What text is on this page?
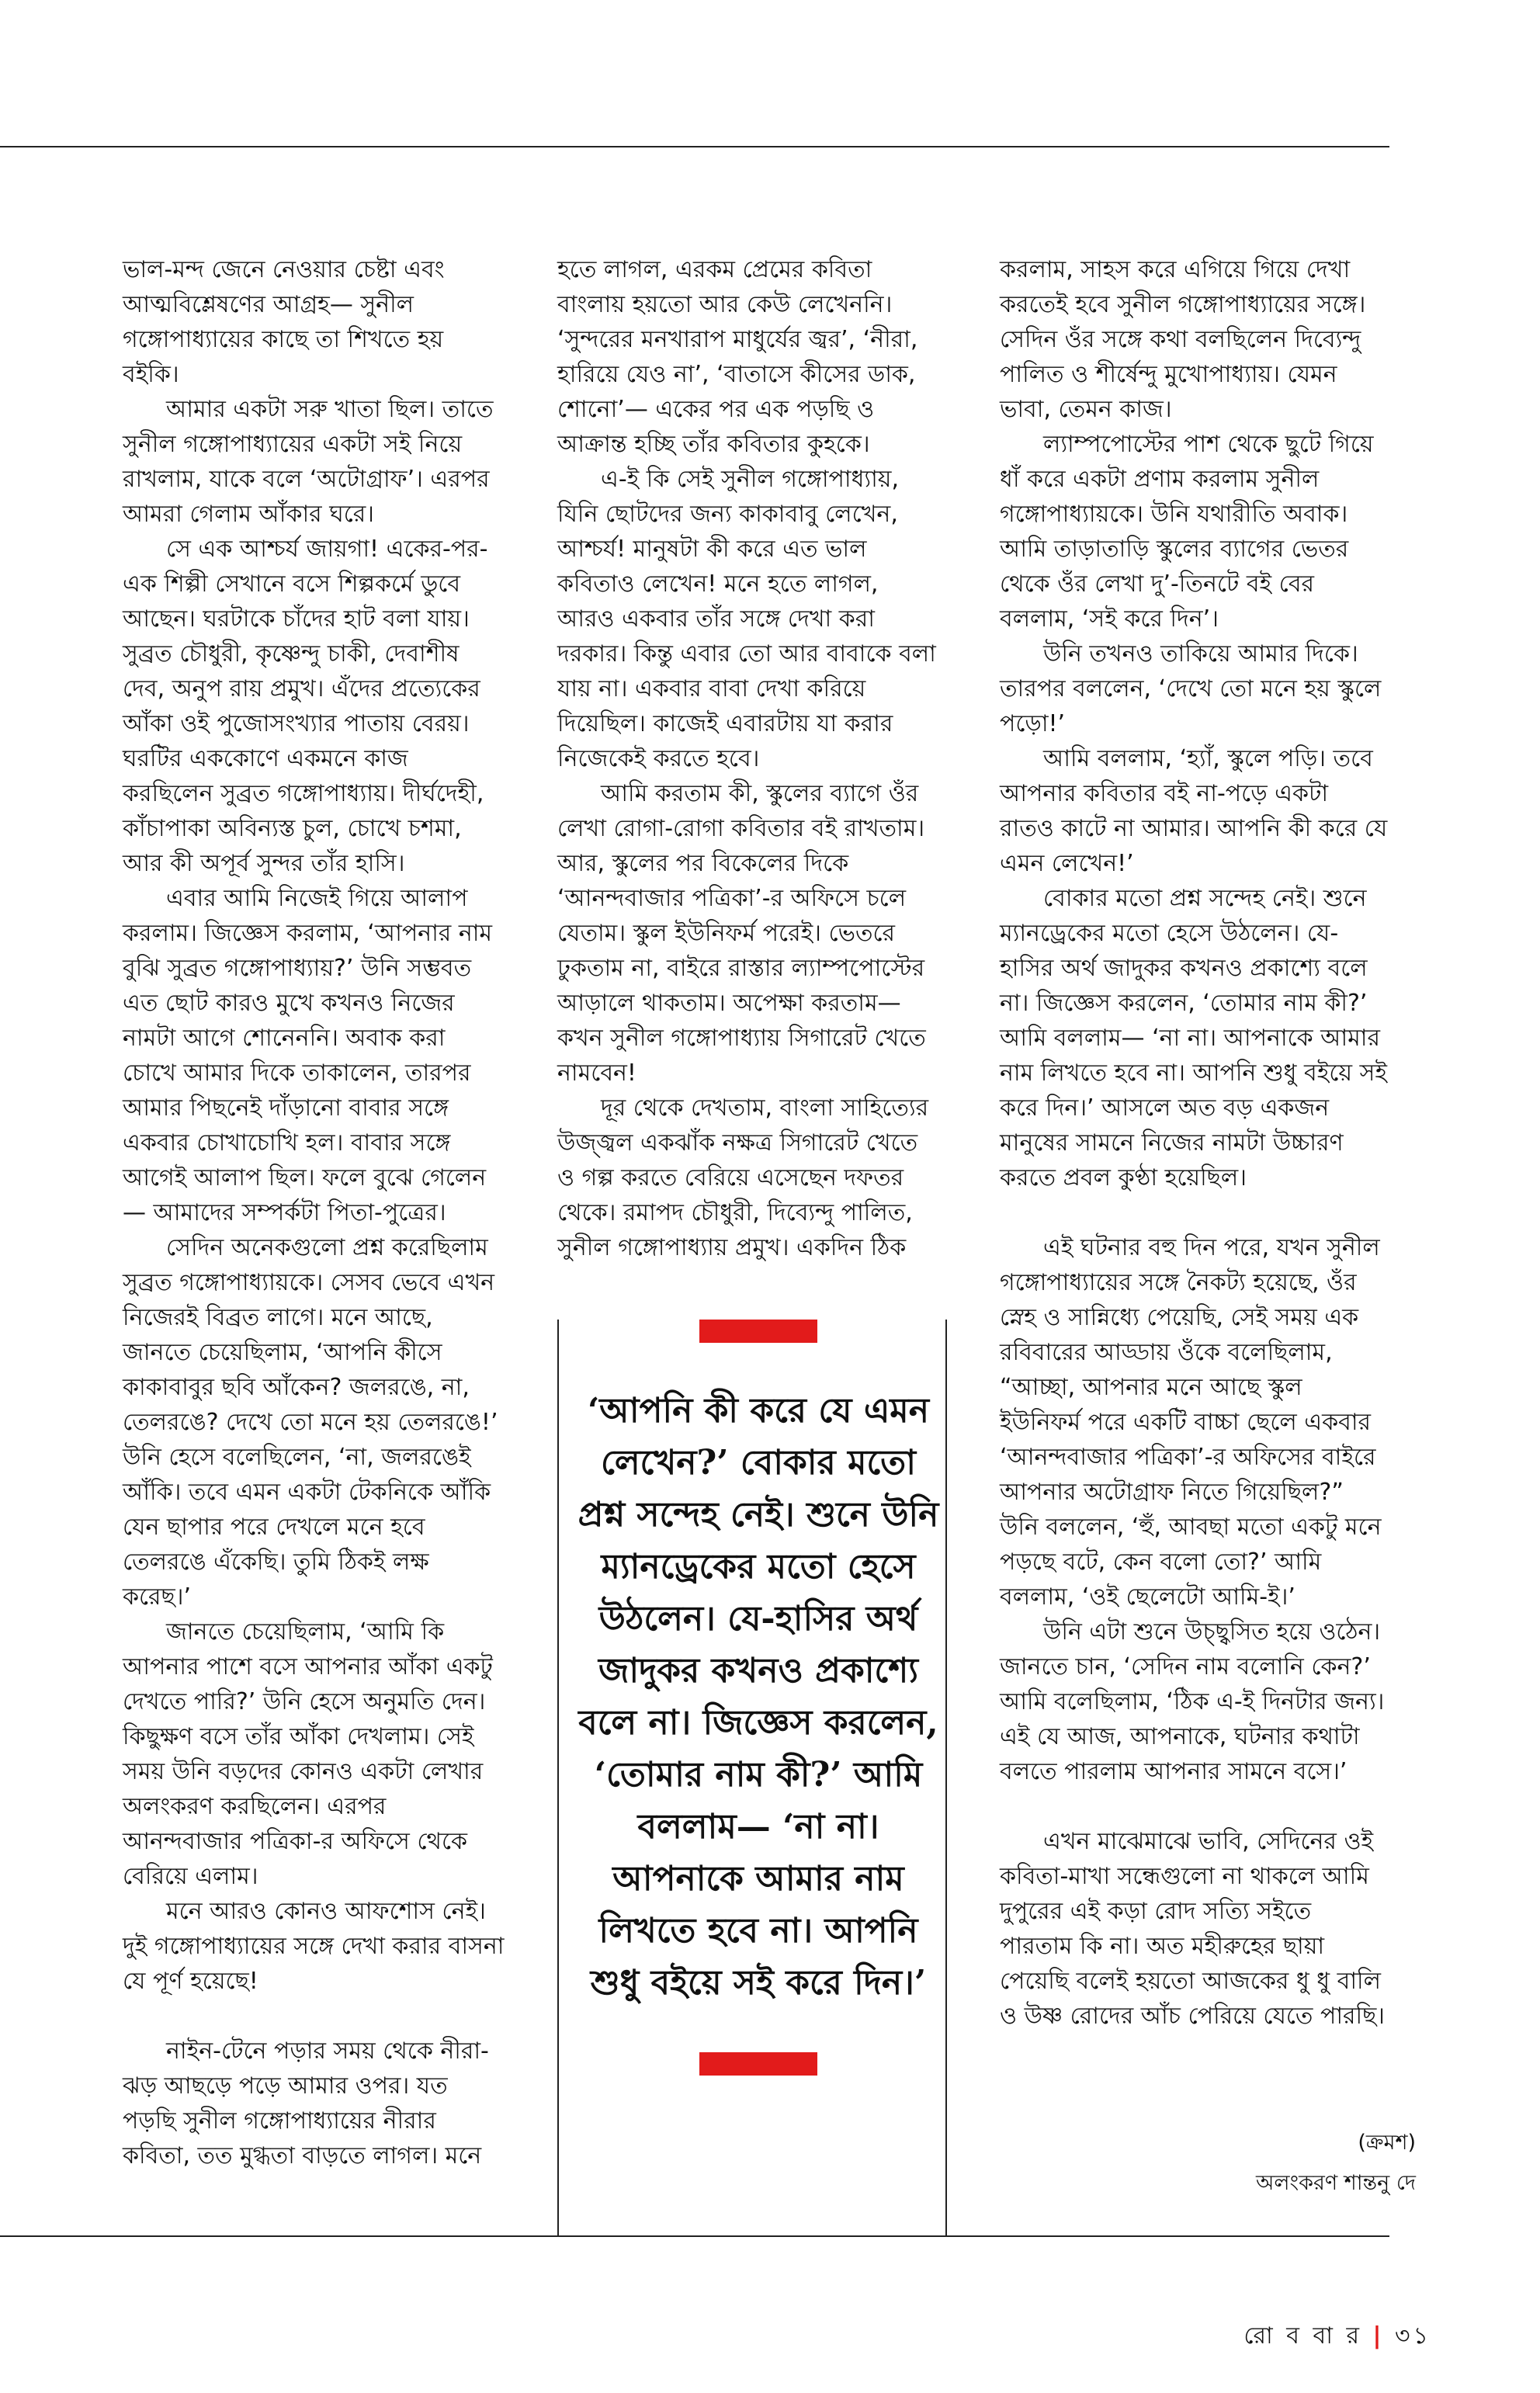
ভাল-মন্দ জেনে নেওয়ার চেষ্টা এবং আত্মবিশ্লেষণের আগ্রহ— সুনীল গঙ্গোপাধ্যায়ের কাছে তা শিখতে হয় বইকি।

আমার একটা সরু খাতা ছিল। তাতে সুনীল গঙ্গোপাধ্যায়ের একটা সই নিয়ে রাখলাম, যাকে বলে ‘অটোগ্রাফ’। এরপর আমরা গেলাম আঁকার ঘরে।

সে এক আশ্চর্য জায়গা! একের-পর-এক শিল্পী সেখানে বসে শিল্পকর্মে ডুবে আছেন। ঘরটাকে চাঁদের হাট বলা যায়। সুব্রত চৌধুরী, কৃষ্ণেন্দু চাকী, দেবাশীষ দেব, অনুপ রায় প্রমুখ। এঁদের প্রত্যেকের আঁকা ওই পুজোসংখ্যার পাতায় বেরয়। ঘরটির এককোণে একমনে কাজ করছিলেন সুব্রত গঙ্গোপাধ্যায়। দীর্ঘদেহী, কাঁচাপাকা অবিন্যস্ত চুল, চোখে চশমা, আর কী অপূর্ব সুন্দর তাঁর হাসি।

এবার আমি নিজেই গিয়ে আলাপ করলাম। জিজ্ঞেস করলাম, ‘আপনার নাম বুঝি সুব্রত গঙ্গোপাধ্যায়?’ উনি সম্ভবত এত ছোট কারও মুখে কখনও নিজের নামটা আগে শোনেননি। অবাক করা চোখে আমার দিকে তাকালেন, তারপর আমার পিছনেই দাঁড়ানো বাবার সঙ্গে একবার চোখাচোখি হল। বাবার সঙ্গে আগেই আলাপ ছিল। ফলে বুঝে গেলেন— আমাদের সম্পর্কটা পিতা-পুত্রের।

সেদিন অনেকগুলো প্রশ্ন করেছিলাম সুব্রত গঙ্গোপাধ্যায়কে। সেসব ভেবে এখন নিজেরই বিব্রত লাগে। মনে আছে, জানতে চেয়েছিলাম, ‘আপনি কীসে কাকাবাবুর ছবি আঁকেন? জলরঙে, না, তেলরঙে? দেখে তো মনে হয় তেলরঙে!’ উনি হেসে বলেছিলেন, ‘না, জলরঙেই আঁকি। তবে এমন একটা টেকনিকে আঁকি যেন ছাপার পরে দেখলে মনে হবে তেলরঙে এঁকেছি। তুমি ঠিকই লক্ষ করেছ।’

জানতে চেয়েছিলাম, ‘আমি কি আপনার পাশে বসে আপনার আঁকা একটু দেখতে পারি?’ উনি হেসে অনুমতি দেন। কিছুক্ষণ বসে তাঁর আঁকা দেখলাম। সেই সময় উনি বড়দের কোনও একটা লেখার অলংকরণ করছিলেন। এরপর আনন্দবাজার পত্রিকা-র অফিসে থেকে বেরিয়ে এলাম।

মনে আরও কোনও আফশোস নেই। দুই গঙ্গোপাধ্যায়ের সঙ্গে দেখা করার বাসনা যে পূর্ণ হয়েছে!

নাইন-টেনে পড়ার সময় থেকে নীরা-ঝড় আছড়ে পড়ে আমার ওপর। যত পড়ছি সুনীল গঙ্গোপাধ্যায়ের নীরার কবিতা, তত মুগ্ধতা বাড়তে লাগল। মনে

হতে লাগল, এরকম প্রেমের কবিতা বাংলায় হয়তো আর কেউ লেখেননি। ‘সুন্দরের মনখারাপ মাধুর্যের জ্বর’, ‘নীরা, হারিয়ে যেও না’, ‘বাতাসে কীসের ডাক, শোনো’— একের পর এক পড়ছি ও আক্রান্ত হচ্ছি তাঁর কবিতার কুহকে।

এ-ই কি সেই সুনীল গঙ্গোপাধ্যায়, যিনি ছোটদের জন্য কাকাবাবু লেখেন, আশ্চর্য! মানুষটা কী করে এত ভাল কবিতাও লেখেন! মনে হতে লাগল, আরও একবার তাঁর সঙ্গে দেখা করা দরকার। কিন্তু এবার তো আর বাবাকে বলা যায় না। একবার বাবা দেখা করিয়ে দিয়েছিল। কাজেই এবারটায় যা করার নিজেকেই করতে হবে।

আমি করতাম কী, স্কুলের ব্যাগে ওঁর লেখা রোগা-রোগা কবিতার বই রাখতাম। আর, স্কুলের পর বিকেলের দিকে ‘আনন্দবাজার পত্রিকা’-র অফিসে চলে যেতাম। স্কুল ইউনিফর্ম পরেই। ভেতরে ঢুকতাম না, বাইরে রাস্তার ল্যাম্পপোস্টের আড়ালে থাকতাম। অপেক্ষা করতাম— কখন সুনীল গঙ্গোপাধ্যায় সিগারেট খেতে নামবেন!

দূর থেকে দেখতাম, বাংলা সাহিত্যের উজ্জ্বল একঝাঁক নক্ষত্র সিগারেট খেতে ও গল্প করতে বেরিয়ে এসেছেন দফতর থেকে। রমাপদ চৌধুরী, দিব্যেন্দু পালিত, সুনীল গঙ্গোপাধ্যায় প্রমুখ। একদিন ঠিক

‘আপনি কী করে যে এমন লেখেন?’ বোকার মতো প্রশ্ন সন্দেহ নেই। শুনে উনি ম্যানড্রেকের মতো হেসে উঠলেন। যে-হাসির অর্থ জাদুকর কখনও প্রকাশ্যে বলে না। জিজ্ঞেস করলেন, ‘তোমার নাম কী?’ আমি বললাম— ‘না না। আপনাকে আমার নাম লিখতে হবে না। আপনি শুধু বইয়ে সই করে দিন।’

করলাম, সাহস করে এগিয়ে গিয়ে দেখা করতেই হবে সুনীল গঙ্গোপাধ্যায়ের সঙ্গে। সেদিন ওঁর সঙ্গে কথা বলছিলেন দিব্যেন্দু পালিত ও শীর্ষেন্দু মুখোপাধ্যায়। যেমন ভাবা, তেমন কাজ।

ল্যাম্পপোস্টের পাশ থেকে ছুটে গিয়ে ধাঁ করে একটা প্রণাম করলাম সুনীল গঙ্গোপাধ্যায়কে। উনি যথারীতি অবাক। আমি তাড়াতাড়ি স্কুলের ব্যাগের ভেতর থেকে ওঁর লেখা দু’-তিনটে বই বের বললাম, ‘সই করে দিন’।

উনি তখনও তাকিয়ে আমার দিকে। তারপর বললেন, ‘দেখে তো মনে হয় স্কুলে পড়ো!’

আমি বললাম, ‘হ্যাঁ, স্কুলে পড়ি। তবে আপনার কবিতার বই না-পড়ে একটা রাতও কাটে না আমার। আপনি কী করে যে এমন লেখেন!’

বোকার মতো প্রশ্ন সন্দেহ নেই। শুনে ম্যানড্রেকের মতো হেসে উঠলেন। যে-হাসির অর্থ জাদুকর কখনও প্রকাশ্যে বলে না। জিজ্ঞেস করলেন, ‘তোমার নাম কী?’ আমি বললাম— ‘না না। আপনাকে আমার নাম লিখতে হবে না। আপনি শুধু বইয়ে সই করে দিন।’ আসলে অত বড় একজন মানুষের সামনে নিজের নামটা উচ্চারণ করতে প্রবল কুণ্ঠা হয়েছিল।

এই ঘটনার বহু দিন পরে, যখন সুনীল গঙ্গোপাধ্যায়ের সঙ্গে নৈকট্য হয়েছে, ওঁর স্নেহ ও সান্নিধ্যে পেয়েছি, সেই সময় এক রবিবারের আড্ডায় ওঁকে বলেছিলাম, “আচ্ছা, আপনার মনে আছে স্কুল ইউনিফর্ম পরে একটি বাচ্চা ছেলে একবার ‘আনন্দবাজার পত্রিকা’-র অফিসের বাইরে আপনার অটোগ্রাফ নিতে গিয়েছিল?” উনি বললেন, ‘হুঁ, আবছা মতো একটু মনে পড়ছে বটে, কেন বলো তো?’ আমি বললাম, ‘ওই ছেলেটো আমি-ই।’

উনি এটা শুনে উচ্ছ্বসিত হয়ে ওঠেন। জানতে চান, ‘সেদিন নাম বলোনি কেন?’ আমি বলেছিলাম, ‘ঠিক এ-ই দিনটার জন্য। এই যে আজ, আপনাকে, ঘটনার কথাটা বলতে পারলাম আপনার সামনে বসে।’

এখন মাঝেমাঝে ভাবি, সেদিনের ওই কবিতা-মাখা সন্ধেগুলো না থাকলে আমি দুপুরের এই কড়া রোদ সত্যি সইতে পারতাম কি না। অত মহীরুহের ছায়া পেয়েছি বলেই হয়তো আজকের ধু ধু বালি ও উষ্ণ রোদের আঁচ পেরিয়ে যেতে পারছি।

(ক্রমশ)
অলংকরণ শান্তনু দে
রো ব বা র | ৩১
